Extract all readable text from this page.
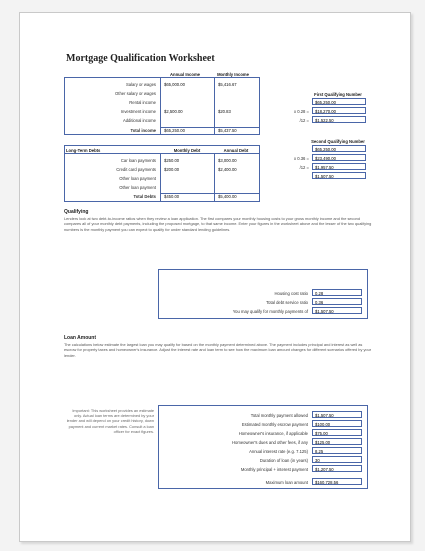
Mortgage Qualification Worksheet
Annual Income	Monthly Income
Salary or wages $65,000.00	$5,416.67
Other salary or wages
Rental income
Investment income $2,500.00	$20.83
Additional income
Total income $65,250.00	$5,437.50
First Qualifying Number
$65,250.00
x 0.28 =	$18,270.00
/12 =	$1,522.50
Long-Term Debts	Monthly Debt	Annual Debt
Car loan payments $250.00	$3,000.00
Credit card payments $200.00	$2,400.00
Other loan payment
Other loan payment
Total Debts $450.00	$5,400.00
Second Qualifying Number
$65,250.00
x 0.36 =	$23,490.00
/12 =	$1,957.50
$1,507.50
Qualifying
Lenders look at two debt-to-income ratios when they review a loan application. The first compares your monthly housing costs to your gross monthly income and the second compares all of your monthly debt payments, including the proposed mortgage, to that same income. Enter your figures in the worksheet above and the lesser of the two qualifying numbers is the monthly payment you can expect to qualify for under standard lending guidelines.
Housing cost ratio	0.28
Total debt service ratio	0.36
You may qualify for monthly payments of	$1,507.50
Loan Amount
The calculations below estimate the largest loan you may qualify for based on the monthly payment determined above. The payment includes principal and interest as well as escrow for property taxes and homeowner's insurance. Adjust the interest rate and loan term to see how the maximum loan amount changes for different scenarios offered by your lender.
Total monthly payment allowed	$1,507.50
Estimated monthly escrow payment	$100.00
Homeowner's insurance, if applicable	$75.00
Homeowner's dues and other fees, if any	$125.00
Annual interest rate (e.g. 7.125)	8.25
Duration of loan (in years)	30
Monthly principal + interest payment	$1,207.50
Maximum loan amount	$160,728.56
Important: This worksheet provides an estimate only. Actual loan terms are determined by your lender and will depend on your credit history, down payment and current market rates. Consult a loan officer for exact figures.
